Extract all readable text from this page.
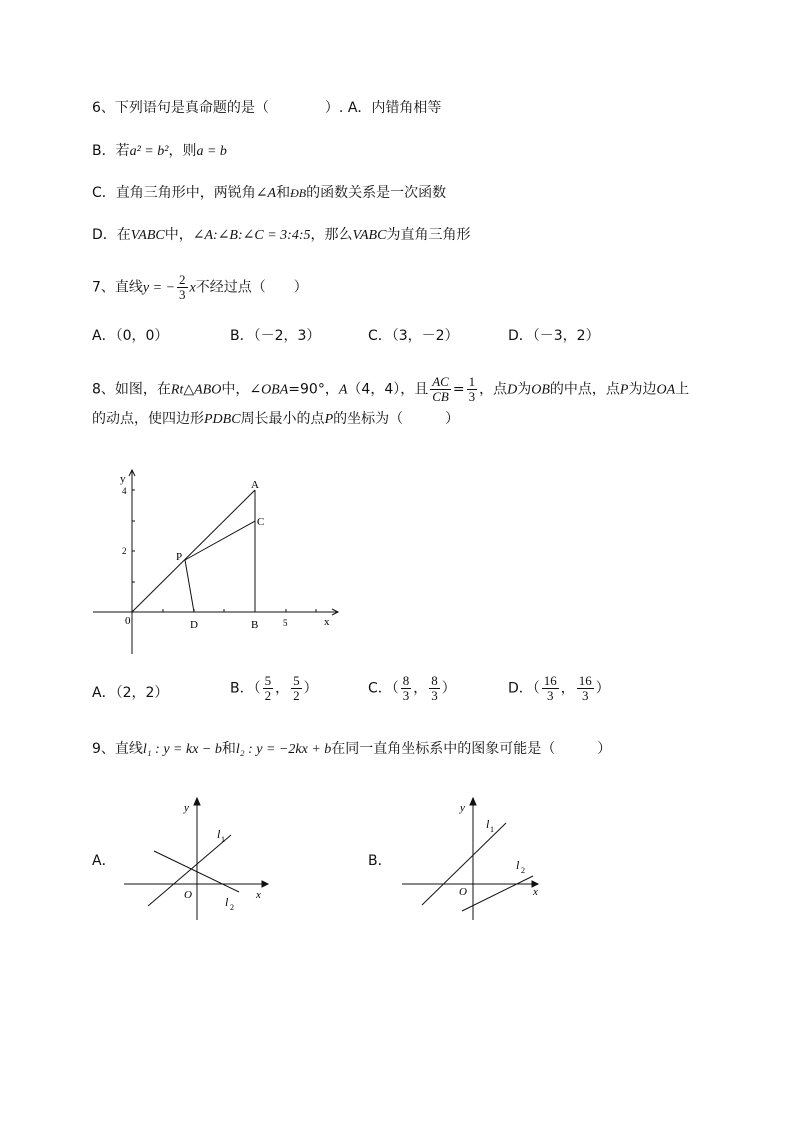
6、下列语句是真命题的是（	）. A．内错角相等
B．若a² = b²，则a = b
C．直角三角形中，两锐角∠A和ÐB的函数关系是一次函数
D．在VABC中，∠A:∠B:∠C = 3:4:5，那么VABC为直角三角形
7、直线y = − $\frac{2}{3}$ x不经过点（　　）
A．（0，0）	B．（－2，3）	C．（3，－2）	D．（－3，2）
8、如图，在Rt△ABO中，∠OBA=90°，A（4，4），且 $\frac{AC}{CB} = \frac{1}{3}$ ，点D为OB的中点，点P为边OA上
的动点，使四边形PDBC周长最小的点P的坐标为（　　　）
y
4
2
0
A
C
P
D	B	5	x
A．（2，2）	B．（ $\frac{5}{2}$ ， $\frac{5}{2}$ ）	C．（ $\frac{8}{3}$ ， $\frac{8}{3}$ ）	D．（ $\frac{16}{3}$ ， $\frac{16}{3}$ ）
9、直线l₁ : y = kx − b和l₂ : y = −2kx + b在同一直角坐标系中的图象可能是（　　　）
A．
y
l 1
O	l 2
x
B．
y
l 1
l 2
O	x
